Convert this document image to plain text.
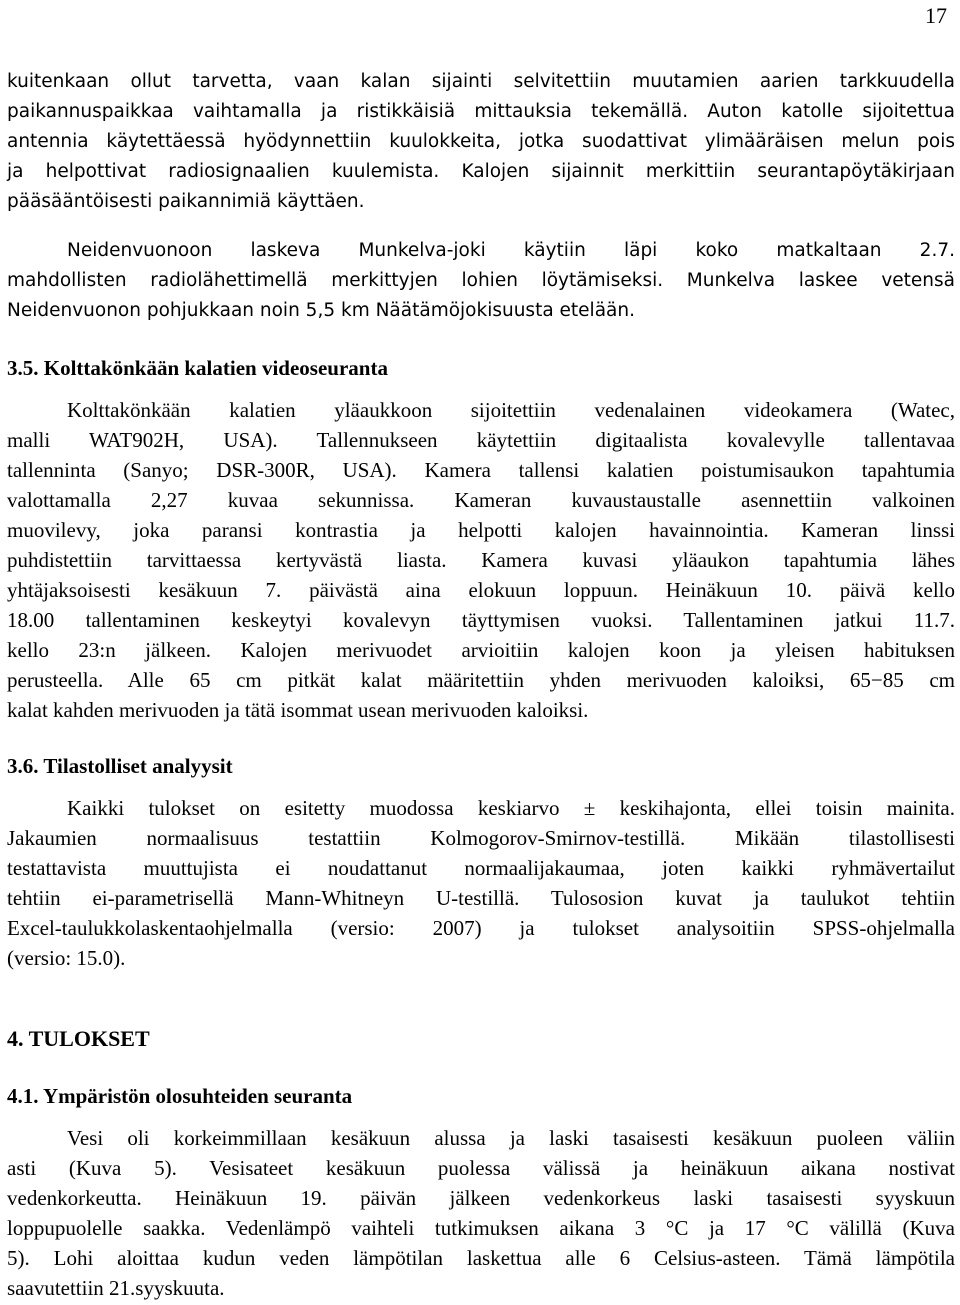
17
kuitenkaan ollut tarvetta, vaan kalan sijainti selvitettiin muutamien aarien tarkkuudella
paikannuspaikkaa vaihtamalla ja ristikkäisiä mittauksia tekemällä. Auton katolle sijoitettua
antennia käytettäessä hyödynnettiin kuulokkeita, jotka suodattivat ylimääräisen melun pois
ja helpottivat radiosignaalien kuulemista. Kalojen sijainnit merkittiin seurantapöytäkirjaan
pääsääntöisesti paikannimiä käyttäen.
Neidenvuonoon laskeva Munkelva-joki käytiin läpi koko matkaltaan 2.7.
mahdollisten radiolähettimellä merkittyjen lohien löytämiseksi. Munkelva laskee vetensä
Neidenvuonon pohjukkaan noin 5,5 km Näätämöjokisuusta etelään.
3.5. Kolttakönkään kalatien videoseuranta
Kolttakönkään kalatien yläaukkoon sijoitettiin vedenalainen videokamera (Watec,
malli WAT902H, USA). Tallennukseen käytettiin digitaalista kovalevylle tallentavaa
tallenninta (Sanyo; DSR-300R, USA). Kamera tallensi kalatien poistumisaukon tapahtumia
valottamalla 2,27 kuvaa sekunnissa. Kameran kuvaustaustalle asennettiin valkoinen
muovilevy, joka paransi kontrastia ja helpotti kalojen havainnointia. Kameran linssi
puhdistettiin tarvittaessa kertyvästä liasta. Kamera kuvasi yläaukon tapahtumia lähes
yhtäjaksoisesti kesäkuun 7. päivästä aina elokuun loppuun. Heinäkuun 10. päivä kello
18.00 tallentaminen keskeytyi kovalevyn täyttymisen vuoksi. Tallentaminen jatkui 11.7.
kello 23:n jälkeen. Kalojen merivuodet arvioitiin kalojen koon ja yleisen habituksen
perusteella. Alle 65 cm pitkät kalat määritettiin yhden merivuoden kaloiksi, 65−85 cm
kalat kahden merivuoden ja tätä isommat usean merivuoden kaloiksi.
3.6. Tilastolliset analyysit
Kaikki tulokset on esitetty muodossa keskiarvo ± keskihajonta, ellei toisin mainita.
Jakaumien normaalisuus testattiin Kolmogorov-Smirnov-testillä. Mikään tilastollisesti
testattavista muuttujista ei noudattanut normaalijakaumaa, joten kaikki ryhmävertailut
tehtiin ei-parametrisellä Mann-Whitneyn U-testillä. Tulososion kuvat ja taulukot tehtiin
Excel-taulukkolaskentaohjelmalla (versio: 2007) ja tulokset analysoitiin SPSS-ohjelmalla
(versio: 15.0).
4. TULOKSET
4.1. Ympäristön olosuhteiden seuranta
Vesi oli korkeimmillaan kesäkuun alussa ja laski tasaisesti kesäkuun puoleen väliin
asti (Kuva 5). Vesisateet kesäkuun puolessa välissä ja heinäkuun aikana nostivat
vedenkorkeutta. Heinäkuun 19. päivän jälkeen vedenkorkeus laski tasaisesti syyskuun
loppupuolelle saakka. Vedenlämpö vaihteli tutkimuksen aikana 3 °C ja 17 °C välillä (Kuva
5). Lohi aloittaa kudun veden lämpötilan laskettua alle 6 Celsius-asteen. Tämä lämpötila
saavutettiin 21.syyskuuta.
